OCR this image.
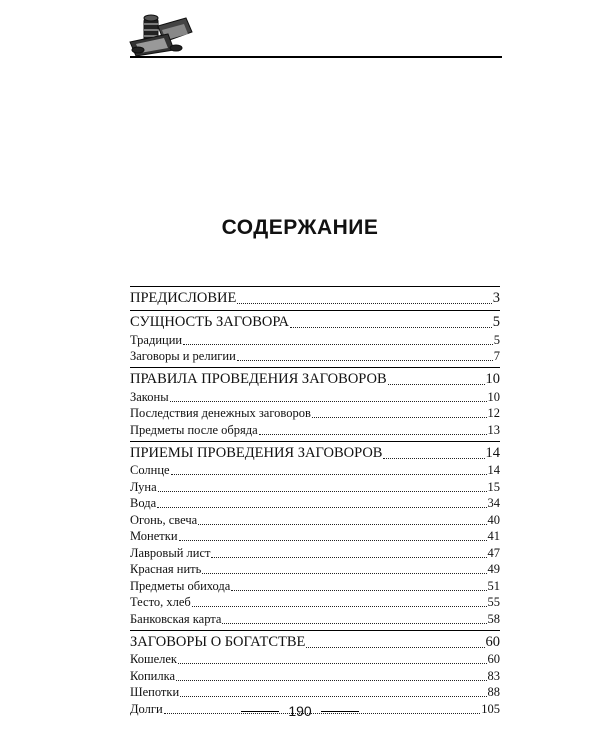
СОДЕРЖАНИЕ
ПРЕДИСЛОВИЕ	3
СУЩНОСТЬ ЗАГОВОРА	5
Традиции	5
Заговоры и религии	7
ПРАВИЛА ПРОВЕДЕНИЯ ЗАГОВОРОВ	10
Законы	10
Последствия денежных заговоров	12
Предметы после обряда	13
ПРИЕМЫ ПРОВЕДЕНИЯ ЗАГОВОРОВ	14
Солнце	14
Луна	15
Вода	34
Огонь, свеча	40
Монетки	41
Лавровый лист	47
Красная нить	49
Предметы обихода	51
Тесто, хлеб	55
Банковская карта	58
ЗАГОВОРЫ О БОГАТСТВЕ	60
Кошелек	60
Копилка	83
Шепотки	88
Долги	105
190
